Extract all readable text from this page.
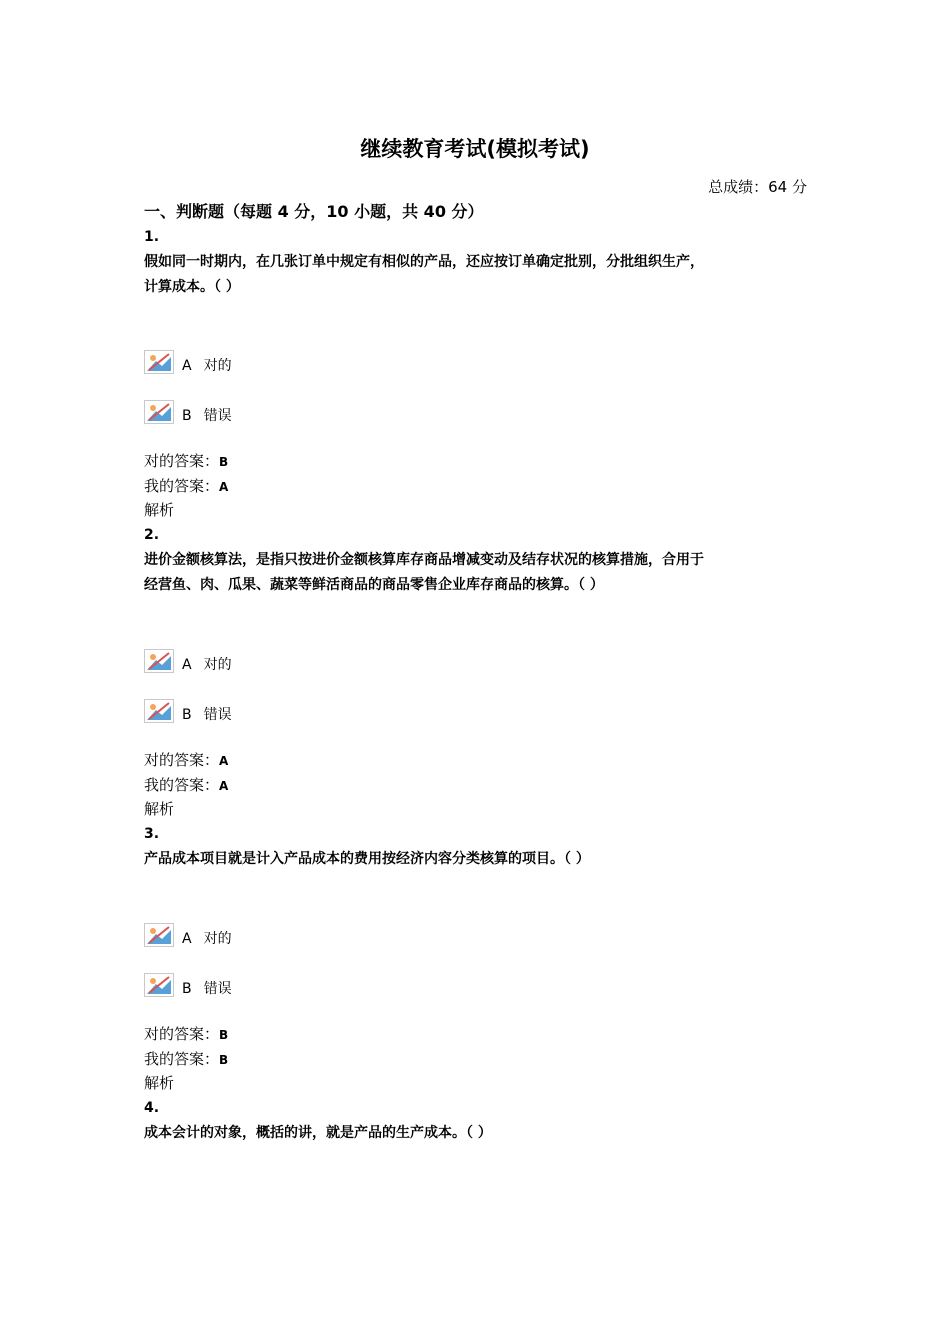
继续教育考试(模拟考试)
总成绩：64 分
一、判断题（每题 4 分，10 小题，共 40 分）
1.
假如同一时期内，在几张订单中规定有相似的产品，还应按订单确定批别，分批组织生产，
计算成本。（ ）
A 对的
B 错误
对的答案：B
我的答案：A
解析
2.
进价金额核算法，是指只按进价金额核算库存商品增减变动及结存状况的核算措施，合用于
经营鱼、肉、瓜果、蔬菜等鲜活商品的商品零售企业库存商品的核算。（ ）
A 对的
B 错误
对的答案：A
我的答案：A
解析
3.
产品成本项目就是计入产品成本的费用按经济内容分类核算的项目。（ ）
A 对的
B 错误
对的答案：B
我的答案：B
解析
4.
成本会计的对象，概括的讲，就是产品的生产成本。（ ）
